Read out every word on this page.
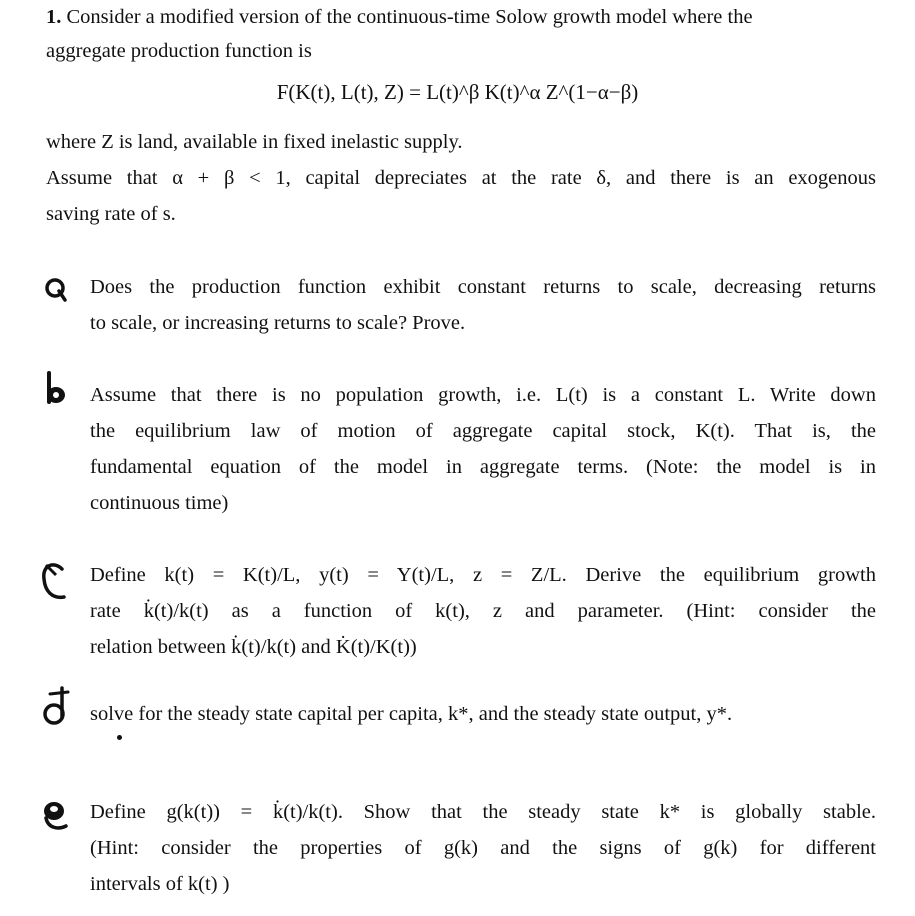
1. Consider a modified version of the continuous-time Solow growth model where the
aggregate production function is
F(K(t), L(t), Z) = L(t)^β K(t)^α Z^(1−α−β)
where Z is land, available in fixed inelastic supply.
Assume that α + β < 1, capital depreciates at the rate δ, and there is an exogenous
saving rate of s.
Does the production function exhibit constant returns to scale, decreasing returns
to scale, or increasing returns to scale? Prove.
Assume that there is no population growth, i.e. L(t) is a constant L. Write down
the equilibrium law of motion of aggregate capital stock, K(t). That is, the
fundamental equation of the model in aggregate terms. (Note: the model is in
continuous time)
Define k(t) = K(t)/L, y(t) = Y(t)/L, z = Z/L. Derive the equilibrium growth
rate k̇(t)/k(t) as a function of k(t), z and parameter. (Hint: consider the
relation between k̇(t)/k(t) and K̇(t)/K(t))
solve for the steady state capital per capita, k*, and the steady state output, y*.
Define g(k(t)) = k̇(t)/k(t). Show that the steady state k* is globally stable.
(Hint: consider the properties of g(k) and the signs of g(k) for different
intervals of k(t) )
